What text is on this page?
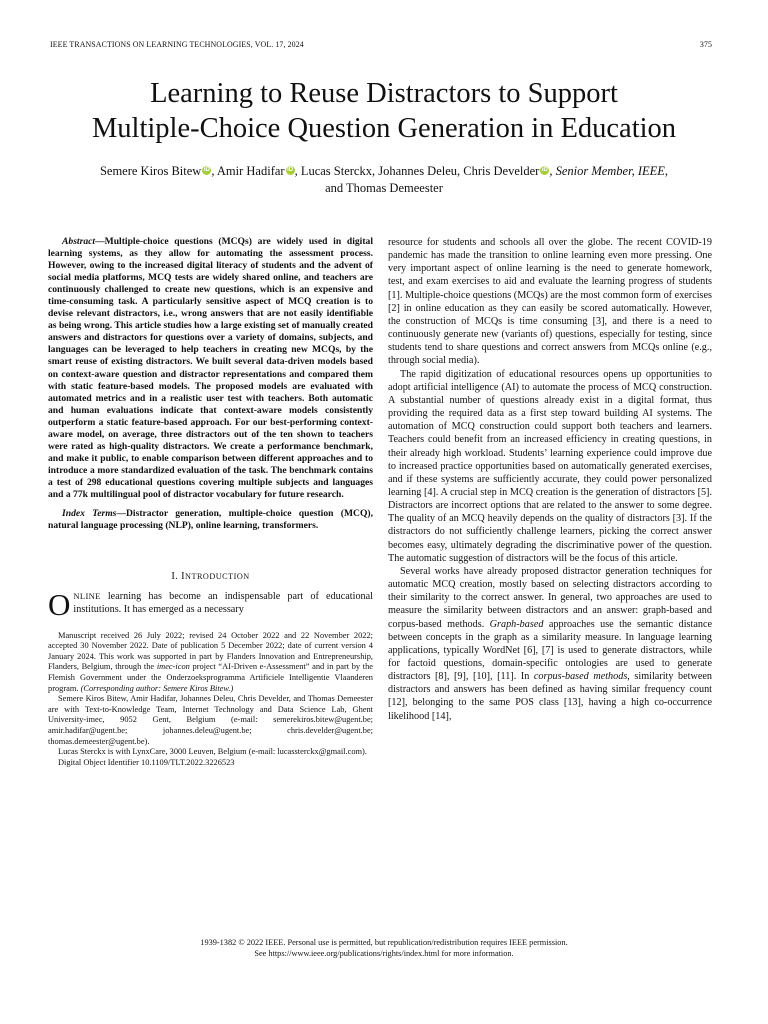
IEEE TRANSACTIONS ON LEARNING TECHNOLOGIES, VOL. 17, 2024	375
Learning to Reuse Distractors to Support
Multiple-Choice Question Generation in Education
Semere Kiros Bitew iD , Amir Hadifar iD , Lucas Sterckx, Johannes Deleu, Chris Develder iD , Senior Member, IEEE,
and Thomas Demeester

Abstract—Multiple-choice questions (MCQs) are widely used in digital learning systems, as they allow for automating the assessment process. However, owing to the increased digital literacy of students and the advent of social media platforms, MCQ tests are widely shared online, and teachers are continuously challenged to create new questions, which is an expensive and time-consuming task. A particularly sensitive aspect of MCQ creation is to devise relevant distractors, i.e., wrong answers that are not easily identifiable as being wrong. This article studies how a large existing set of manually created answers and distractors for questions over a variety of domains, subjects, and languages can be leveraged to help teachers in creating new MCQs, by the smart reuse of existing distractors. We built several data-driven models based on context-aware question and distractor representations and compared them with static feature-based models. The proposed models are evaluated with automated metrics and in a realistic user test with teachers. Both automatic and human evaluations indicate that context-aware models consistently outperform a static feature-based approach. For our best-performing context-aware model, on average, three distractors out of the ten shown to teachers were rated as high-quality distractors. We create a performance benchmark, and make it public, to enable comparison between different approaches and to introduce a more standardized evaluation of the task. The benchmark contains a test of 298 educational questions covering multiple subjects and languages and a 77k multilingual pool of distractor vocabulary for future research.

Index Terms—Distractor generation, multiple-choice question (MCQ), natural language processing (NLP), online learning, transformers.

I. INTRODUCTION

ONLINE learning has become an indispensable part of educational institutions. It has emerged as a necessary

Manuscript received 26 July 2022; revised 24 October 2022 and 22 November 2022; accepted 30 November 2022. Date of publication 5 December 2022; date of current version 4 January 2024. This work was supported in part by Flanders Innovation and Entrepreneurship, Flanders, Belgium, through the imec-icon project “AI-Driven e-Assessment” and in part by the Flemish Government under the Onderzoeksprogramma Artificiele Intelligentie Vlaanderen program. (Corresponding author: Semere Kiros Bitew.)

Semere Kiros Bitew, Amir Hadifar, Johannes Deleu, Chris Develder, and Thomas Demeester are with Text-to-Knowledge Team, Internet Technology and Data Science Lab, Ghent University-imec, 9052 Gent, Belgium (e-mail: semerekiros.bitew@ugent.be; amir.hadifar@ugent.be; johannes.deleu@ugent.be; chris.develder@ugent.be; thomas.demeester@ugent.be).

Lucas Sterckx is with LynxCare, 3000 Leuven, Belgium (e-mail: lucassterckx@gmail.com).

Digital Object Identifier 10.1109/TLT.2022.3226523

resource for students and schools all over the globe. The recent COVID-19 pandemic has made the transition to online learning even more pressing. One very important aspect of online learning is the need to generate homework, test, and exam exercises to aid and evaluate the learning progress of students [1]. Multiple-choice questions (MCQs) are the most common form of exercises [2] in online education as they can easily be scored automatically. However, the construction of MCQs is time consuming [3], and there is a need to continuously generate new (variants of) questions, especially for testing, since students tend to share questions and correct answers from MCQs online (e.g., through social media).

The rapid digitization of educational resources opens up opportunities to adopt artificial intelligence (AI) to automate the process of MCQ construction. A substantial number of questions already exist in a digital format, thus providing the required data as a first step toward building AI systems. The automation of MCQ construction could support both teachers and learners. Teachers could benefit from an increased efficiency in creating questions, in their already high workload. Students’ learning experience could improve due to increased practice opportunities based on automatically generated exercises, and if these systems are sufficiently accurate, they could power personalized learning [4]. A crucial step in MCQ creation is the generation of distractors [5]. Distractors are incorrect options that are related to the answer to some degree. The quality of an MCQ heavily depends on the quality of distractors [3]. If the distractors do not sufficiently challenge learners, picking the correct answer becomes easy, ultimately degrading the discriminative power of the question. The automatic suggestion of distractors will be the focus of this article.

Several works have already proposed distractor generation techniques for automatic MCQ creation, mostly based on selecting distractors according to their similarity to the correct answer. In general, two approaches are used to measure the similarity between distractors and an answer: graph-based and corpus-based methods. Graph-based approaches use the semantic distance between concepts in the graph as a similarity measure. In language learning applications, typically WordNet [6], [7] is used to generate distractors, while for factoid questions, domain-specific ontologies are used to generate distractors [8], [9], [10], [11]. In corpus-based methods, similarity between distractors and answers has been defined as having similar frequency count [12], belonging to the same POS class [13], having a high co-occurrence likelihood [14],

1939-1382 © 2022 IEEE. Personal use is permitted, but republication/redistribution requires IEEE permission.
See https://www.ieee.org/publications/rights/index.html for more information.
